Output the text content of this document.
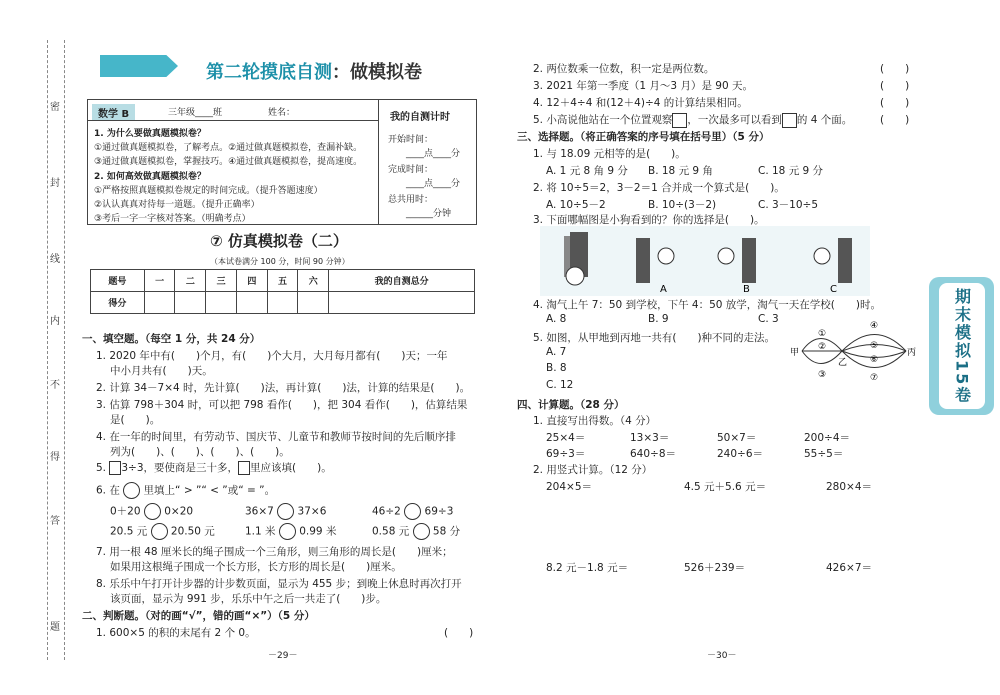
密
封
线
内
不
得
答
题
第二轮摸底自测：做模拟卷
数学 B	三年级____班	姓名：
1. 为什么要做真题模拟卷？
①通过做真题模拟卷，了解考点。②通过做真题模拟卷，查漏补缺。
③通过做真题模拟卷，掌握技巧。④通过做真题模拟卷，提高速度。
2. 如何高效做真题模拟卷？
①严格按照真题模拟卷规定的时间完成。（提升答题速度）
②认认真真对待每一道题。（提升正确率）
③考后一字一字核对答案。（明确考点）
我的自测计时
开始时间：
____点____分
完成时间：
____点____分
总共用时：
______分钟
⑦ 仿真模拟卷（二）
（本试卷满分 100 分，时间 90 分钟）
题号	一	二	三	四	五	六	我的自测总分
得分							
一、填空题。（每空 1 分，共 24 分）
1. 2020 年中有(　　)个月，有(　　)个大月，大月每月都有(　　)天；一年
中小月共有(　　)天。
2. 计算 34－7×4 时，先计算(　　)法，再计算(　　)法，计算的结果是(　　)。
3. 估算 798＋304 时，可以把 798 看作(　　)，把 304 看作(　　)，估算结果
是(　　)。
4. 在一年的时间里，有劳动节、国庆节、儿童节和教师节按时间的先后顺序排
列为(　　)、(　　)、(　　)、(　　)。
5. 3÷3，要使商是三十多， 里应该填(　　)。
6. 在 里填上“ > ”“ < ”或“ = ”。
0＋20 0×20	36×7 37×6	46÷2 69÷3
20.5 元 20.50 元	1.1 米 0.99 米	0.58 元 58 分
7. 用一根 48 厘米长的绳子围成一个三角形，则三角形的周长是(　　)厘米；
如果用这根绳子围成一个长方形，长方形的周长是(　　)厘米。
8. 乐乐中午打开计步器的计步数页面，显示为 455 步；到晚上休息时再次打开
该页面，显示为 991 步，乐乐中午之后一共走了(　　)步。
二、判断题。（对的画“√”，错的画“×”）（5 分）
1. 600×5 的积的末尾有 2 个 0。	(　　)
－29－
2. 两位数乘一位数，积一定是两位数。	(　　)
3. 2021 年第一季度（1 月～3 月）是 90 天。	(　　)
4. 12＋4÷4 和(12＋4)÷4 的计算结果相同。	(　　)
5. 小高说他站在一个位置观察 ，一次最多可以看到 的 4 个面。	(　　)
三、选择题。（将正确答案的序号填在括号里）（5 分）
1. 与 18.09 元相等的是(　　)。
A. 1 元 8 角 9 分 B. 18 元 9 角	C. 18 元 9 分
2. 将 10÷5＝2，3－2＝1 合并成一个算式是(　　)。
A. 10÷5－2	B. 10÷(3－2)	C. 3－10÷5
3. 下面哪幅图是小狗看到的？你的选择是(　　)。
A	B	C
4. 淘气上午 7：50 到学校，下午 4：50 放学，淘气一天在学校(　　)时。
A. 8	B. 9	C. 3
5. 如图，从甲地到丙地一共有(　　)种不同的走法。
A. 7
B. 8
C. 12
甲
乙
丙
①
②
③
④
⑤
⑥
⑦
四、计算题。（28 分）
1. 直接写出得数。（4 分）
25×4＝	13×3＝	50×7＝	200÷4＝
69÷3＝	640÷8＝	240÷6＝	55÷5＝
2. 用竖式计算。（12 分）
204×5＝	4.5 元＋5.6 元＝	280×4＝
8.2 元－1.8 元＝	526＋239＝	426×7＝
－30－
期末模拟15卷
